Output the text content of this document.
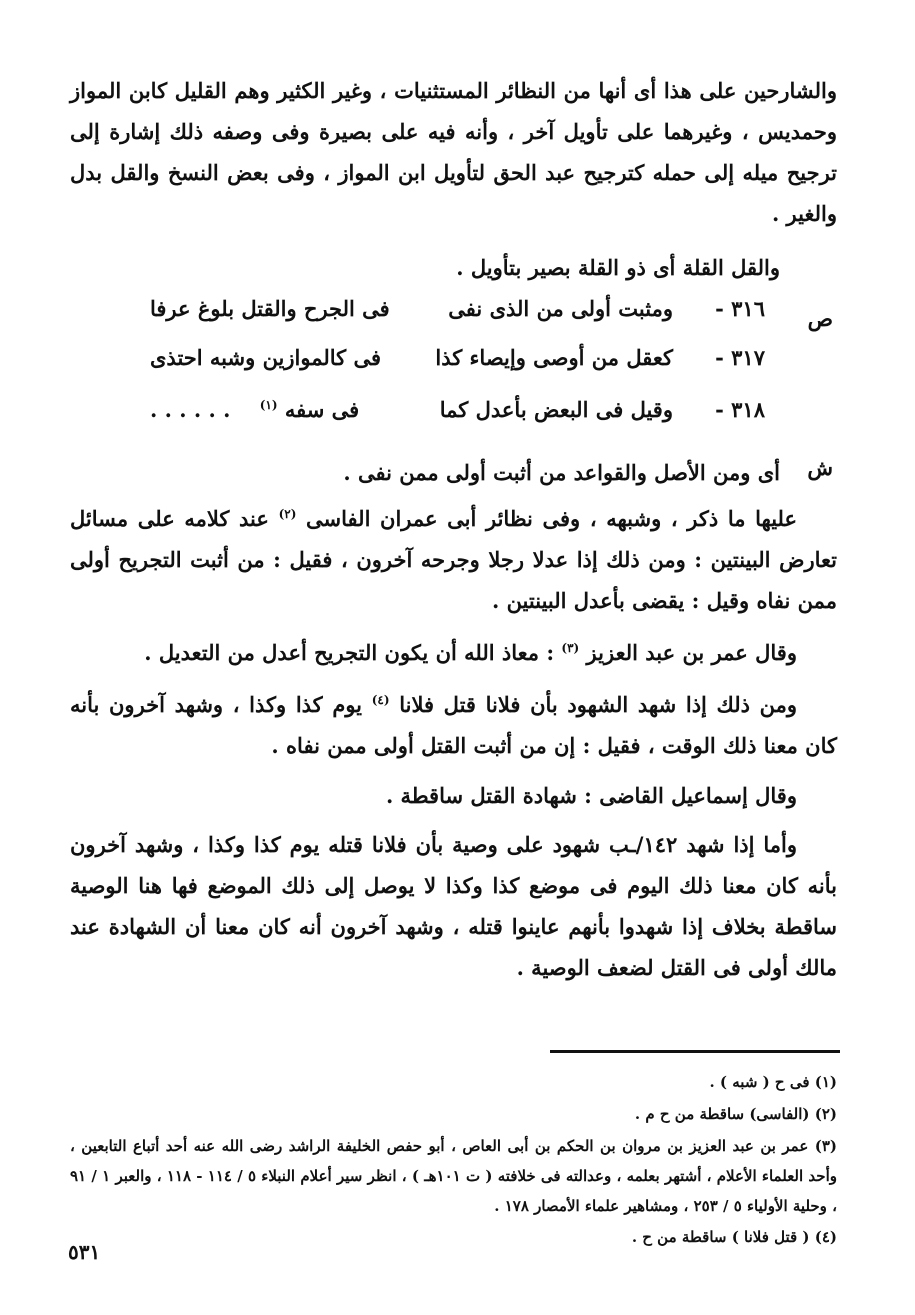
والشارحين على هذا أى أنها من النظائر المستثنيات ، وغير الكثير وهم القليل كابن المواز وحمديس ، وغيرهما على تأويل آخر ، وأنه فيه على بصيرة وفى وصفه ذلك إشارة إلى ترجيح ميله إلى حمله كترجيح عبد الحق لتأويل ابن المواز ، وفى بعض النسخ والقل بدل والغير .
والقل القلة أى ذو القلة بصير بتأويل .
ص
٣١٦ -
ومثبت أولى من الذى نفى
فى الجرح والقتل بلوغ عرفا
٣١٧ -
كعقل من أوصى وإيصاء كذا
فى كالموازين وشبه احتذى
٣١٨ -
وقيل فى البعض بأعدل كما
فى سفه $^{(١)}$ . . . . . .
ش
أى ومن الأصل والقواعد من أثبت أولى ممن نفى .
عليها ما ذكر ، وشبهه ، وفى نظائر أبى عمران الفاسى $^{(٢)}$ عند كلامه على مسائل تعارض البينتين : ومن ذلك إذا عدلا رجلا وجرحه آخرون ، فقيل : من أثبت التجريح أولى ممن نفاه وقيل : يقضى بأعدل البينتين .
وقال عمر بن عبد العزيز $^{(٣)}$ : معاذ الله أن يكون التجريح أعدل من التعديل .
ومن ذلك إذا شهد الشهود بأن فلانا قتل فلانا $^{(٤)}$ يوم كذا وكذا ، وشهد آخرون بأنه كان معنا ذلك الوقت ، فقيل : إن من أثبت القتل أولى ممن نفاه .
وقال إسماعيل القاضى : شهادة القتل ساقطة .
وأما إذا شهد ١٤٢/ـب شهود على وصية بأن فلانا قتله يوم كذا وكذا ، وشهد آخرون بأنه كان معنا ذلك اليوم فى موضع كذا وكذا لا يوصل إلى ذلك الموضع فها هنا الوصية ساقطة بخلاف إذا شهدوا بأنهم عاينوا قتله ، وشهد آخرون أنه كان معنا أن الشهادة عند مالك أولى فى القتل لضعف الوصية .
(١) فى ح ( شبه ) .
(٢) (الفاسى) ساقطة من ح م .
(٣) عمر بن عبد العزيز بن مروان بن الحكم بن أبى العاص ، أبو حفص الخليفة الراشد رضى الله عنه أحد أتباع التابعين ، وأحد العلماء الأعلام ، أشتهر بعلمه ، وعدالته فى خلافته ( ت ١٠١هـ ) ، انظر سير أعلام النبلاء ٥ / ١١٤ - ١١٨ ، والعبر ١ / ٩١ ، وحلية الأولياء ٥ / ٢٥٣ ، ومشاهير علماء الأمصار ١٧٨ .
(٤) ( قتل فلانا ) ساقطة من ح .
٥٣١
